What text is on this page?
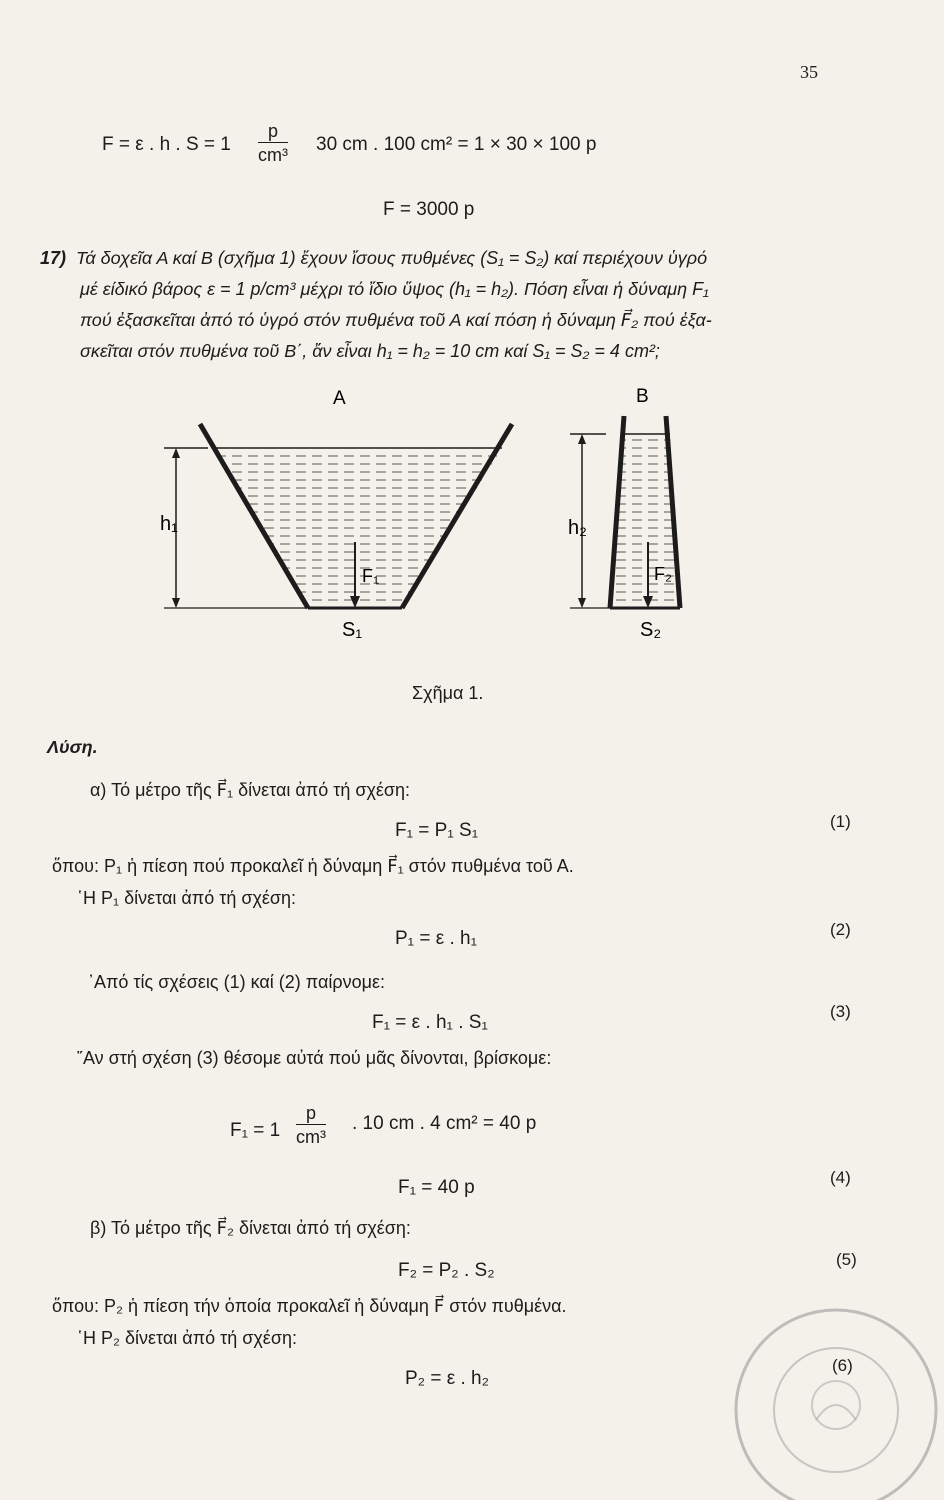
35
F = ε . h . $S = 1 \frac{p}{\text{cm³}} 30$ cm . 100 cm² = 1 × 30 × 100 p
F = 3000 p
17) Τά δοχεῖα Α καί Β (σχῆμα 1) ἔχουν ἴσους πυθμένες (S₁ = S₂) καί περιέχουν ὑγρό
μέ είδικό βάρος ε = 1 p/cm³ μέχρι τό ἴδιο ὕψος (h₁ = h₂). Πόση εἶναι ἡ δύναμη F₁
πού ἐξασκεῖται ἀπό τό ὑγρό στόν πυθμένα τοῦ Α καί πόση ἡ δύναμη F⃗₂ πού ἐξα-
σκεῖται στόν πυθμένα τοῦ Β΄, ἄν εἶναι h₁ = h₂ = 10 cm καί S₁ = S₂ = 4 cm²;
h₁
F₁
S₁
A
h₂
F₂
S₂
B
Σχῆμα 1.
Λύση.
α) Τό μέτρο τῆς F⃗₁ δίνεται ἀπό τή σχέση:
F₁ = P₁ S₁	(1)
ὅπου: P₁ ἡ πίεση πού προκαλεῖ ἡ δύναμη F⃗₁ στόν πυθμένα τοῦ Α.
῾Η P₁ δίνεται ἀπό τή σχέση:
P₁ = ε . h₁	(2)
᾽Από τίς σχέσεις (1) καί (2) παίρνομε:
F₁ = ε . h₁ . S₁
(3)
῎Αν στή σχέση (3) θέσομε αὐτά πού μᾶς δίνονται, βρίσκομε:
$F_1 = 1 \frac{p}{\text{cm³}}$ . 10 cm . 4 cm² = 40 p
F₁ = 40 p	(4)
β) Τό μέτρο τῆς F⃗₂ δίνεται ἀπό τή σχέση:
F₂ = P₂ . S₂
(5)
ὅπου: P₂ ἡ πίεση τήν ὁποία προκαλεῖ ἡ δύναμη F⃗ στόν πυθμένα.
῾Η P₂ δίνεται ἀπό τή σχέση:
P₂ = ε . h₂
(6)
